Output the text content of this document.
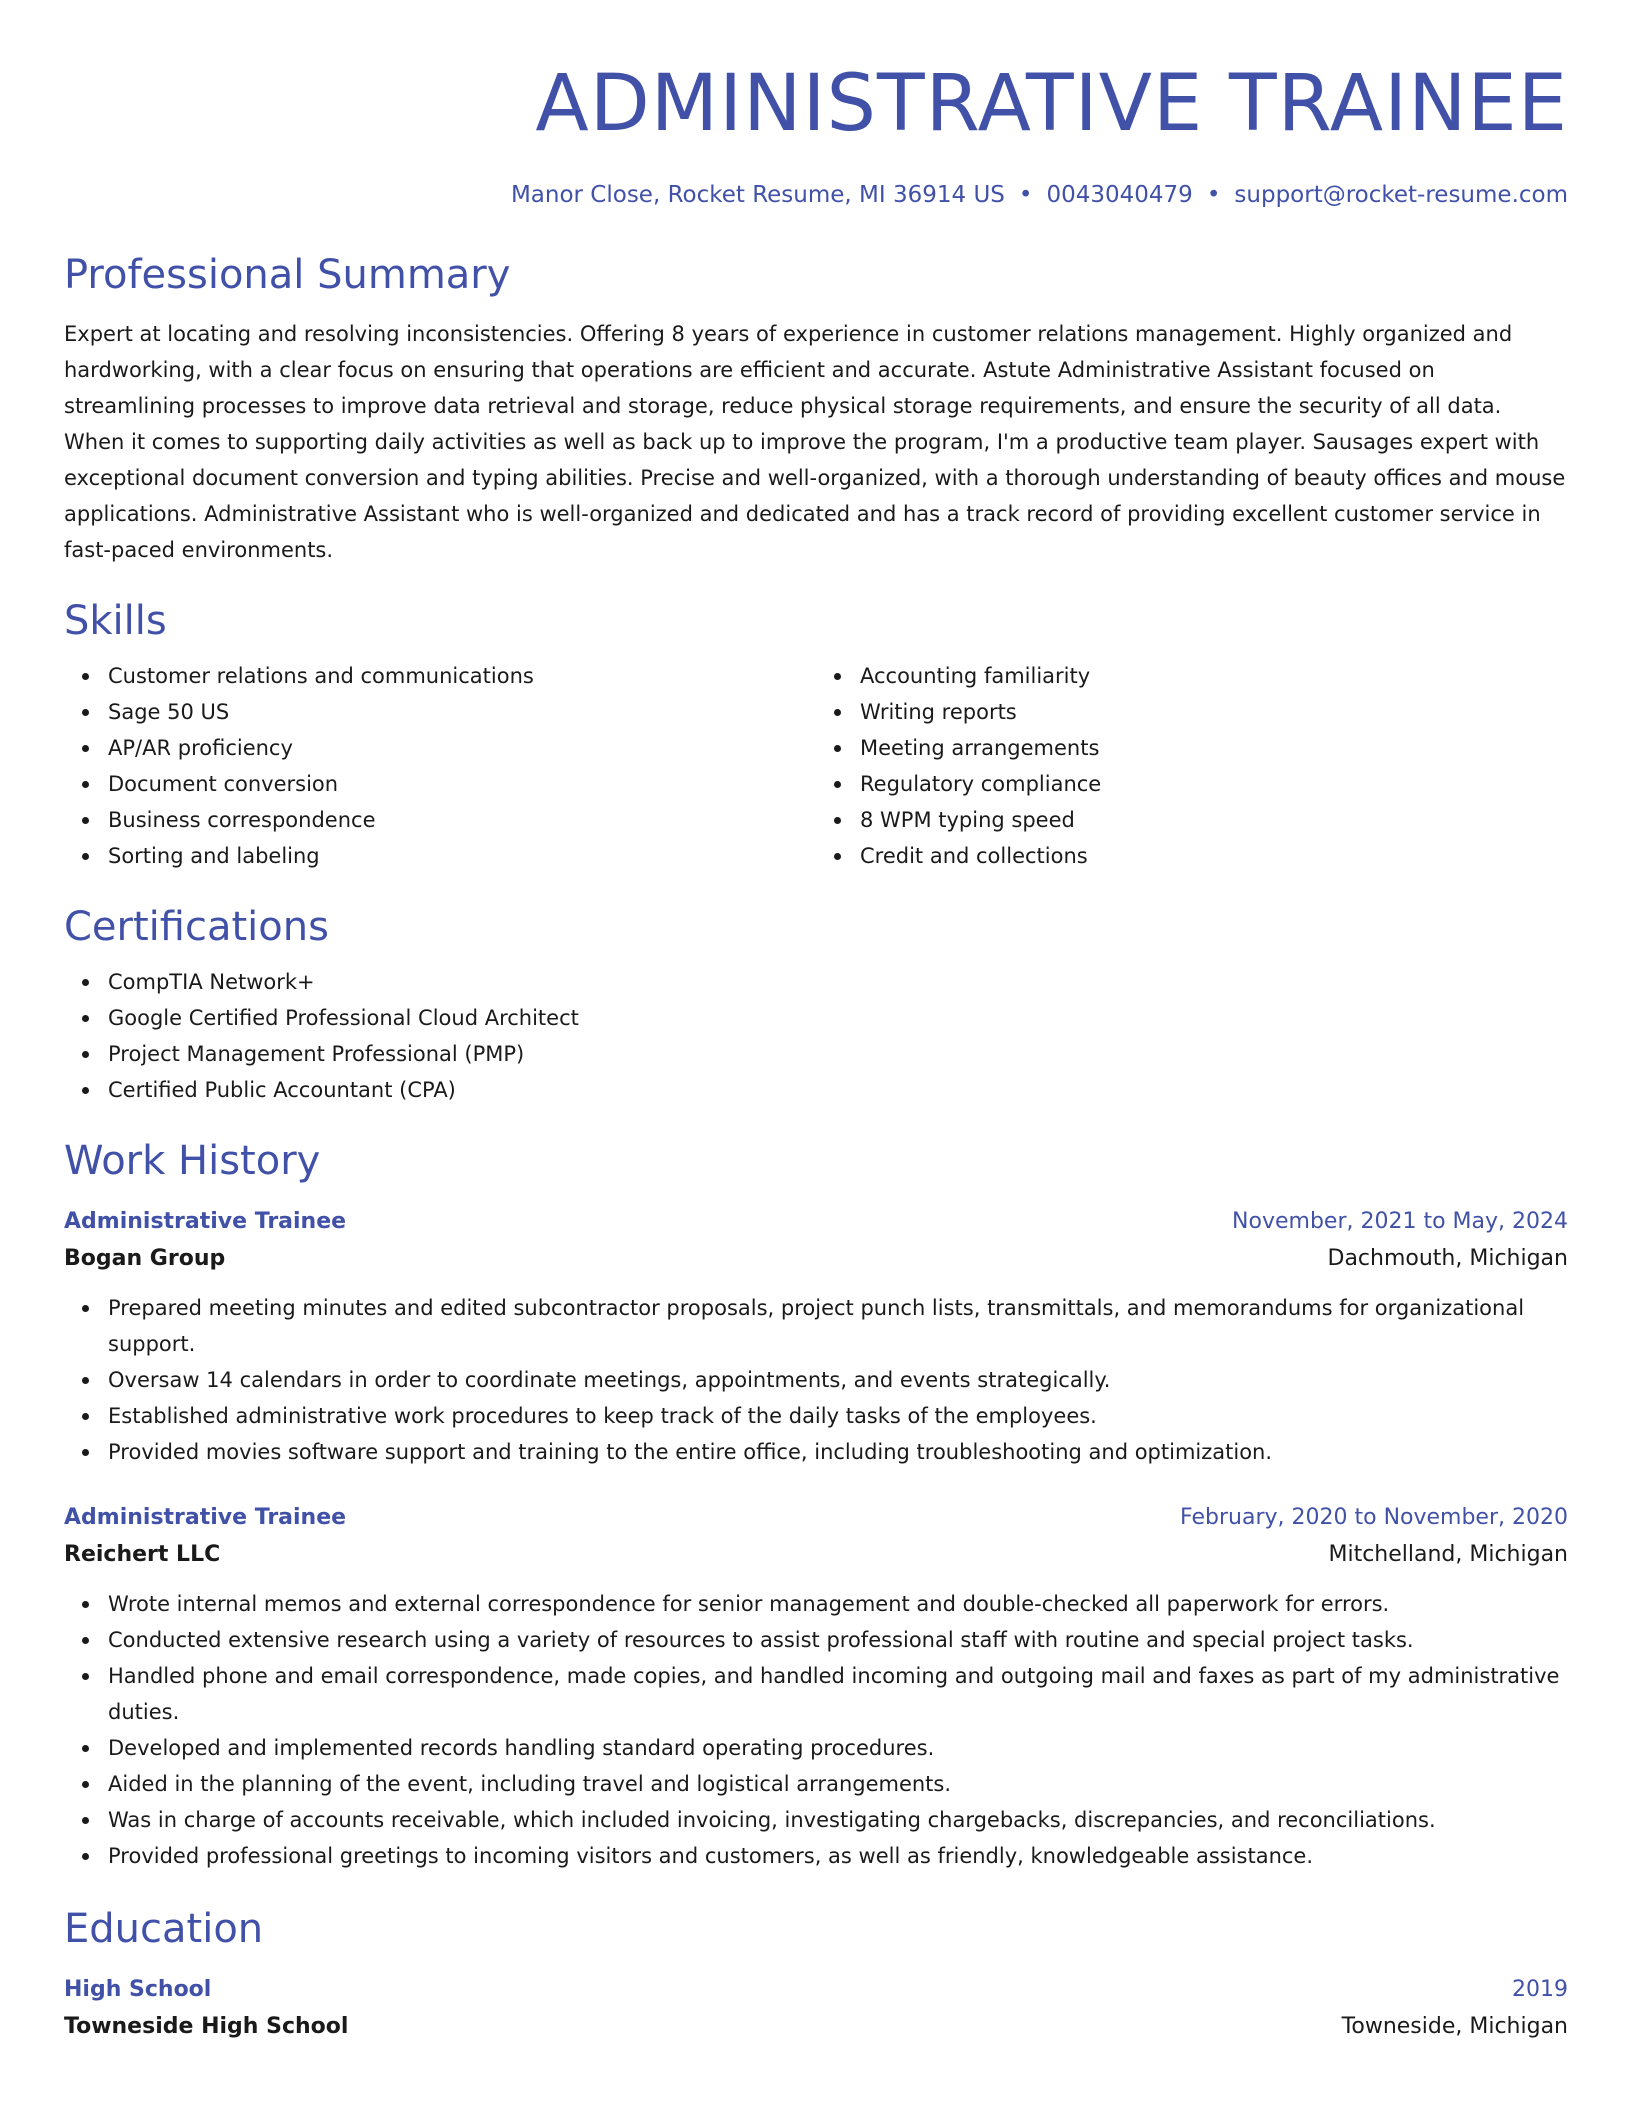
ADMINISTRATIVE TRAINEE
Manor Close, Rocket Resume, MI 36914 US • 0043040479 • support@rocket-resume.com
Professional Summary
Expert at locating and resolving inconsistencies. Offering 8 years of experience in customer relations management. Highly organized and hardworking, with a clear focus on ensuring that operations are efficient and accurate. Astute Administrative Assistant focused on streamlining processes to improve data retrieval and storage, reduce physical storage requirements, and ensure the security of all data. When it comes to supporting daily activities as well as back up to improve the program, I'm a productive team player. Sausages expert with exceptional document conversion and typing abilities. Precise and well-organized, with a thorough understanding of beauty offices and mouse applications. Administrative Assistant who is well-organized and dedicated and has a track record of providing excellent customer service in fast-paced environments.
Skills
Customer relations and communications
Sage 50 US
AP/AR proficiency
Document conversion
Business correspondence
Sorting and labeling
Accounting familiarity
Writing reports
Meeting arrangements
Regulatory compliance
8 WPM typing speed
Credit and collections
Certifications
CompTIA Network+
Google Certified Professional Cloud Architect
Project Management Professional (PMP)
Certified Public Accountant (CPA)
Work History
Administrative Trainee	November, 2021 to May, 2024
Bogan Group	Dachmouth, Michigan
Prepared meeting minutes and edited subcontractor proposals, project punch lists, transmittals, and memorandums for organizational support.
Oversaw 14 calendars in order to coordinate meetings, appointments, and events strategically.
Established administrative work procedures to keep track of the daily tasks of the employees.
Provided movies software support and training to the entire office, including troubleshooting and optimization.
Administrative Trainee	February, 2020 to November, 2020
Reichert LLC	Mitchelland, Michigan
Wrote internal memos and external correspondence for senior management and double-checked all paperwork for errors.
Conducted extensive research using a variety of resources to assist professional staff with routine and special project tasks.
Handled phone and email correspondence, made copies, and handled incoming and outgoing mail and faxes as part of my administrative duties.
Developed and implemented records handling standard operating procedures.
Aided in the planning of the event, including travel and logistical arrangements.
Was in charge of accounts receivable, which included invoicing, investigating chargebacks, discrepancies, and reconciliations.
Provided professional greetings to incoming visitors and customers, as well as friendly, knowledgeable assistance.
Education
High School	2019
Towneside High School	Towneside, Michigan
